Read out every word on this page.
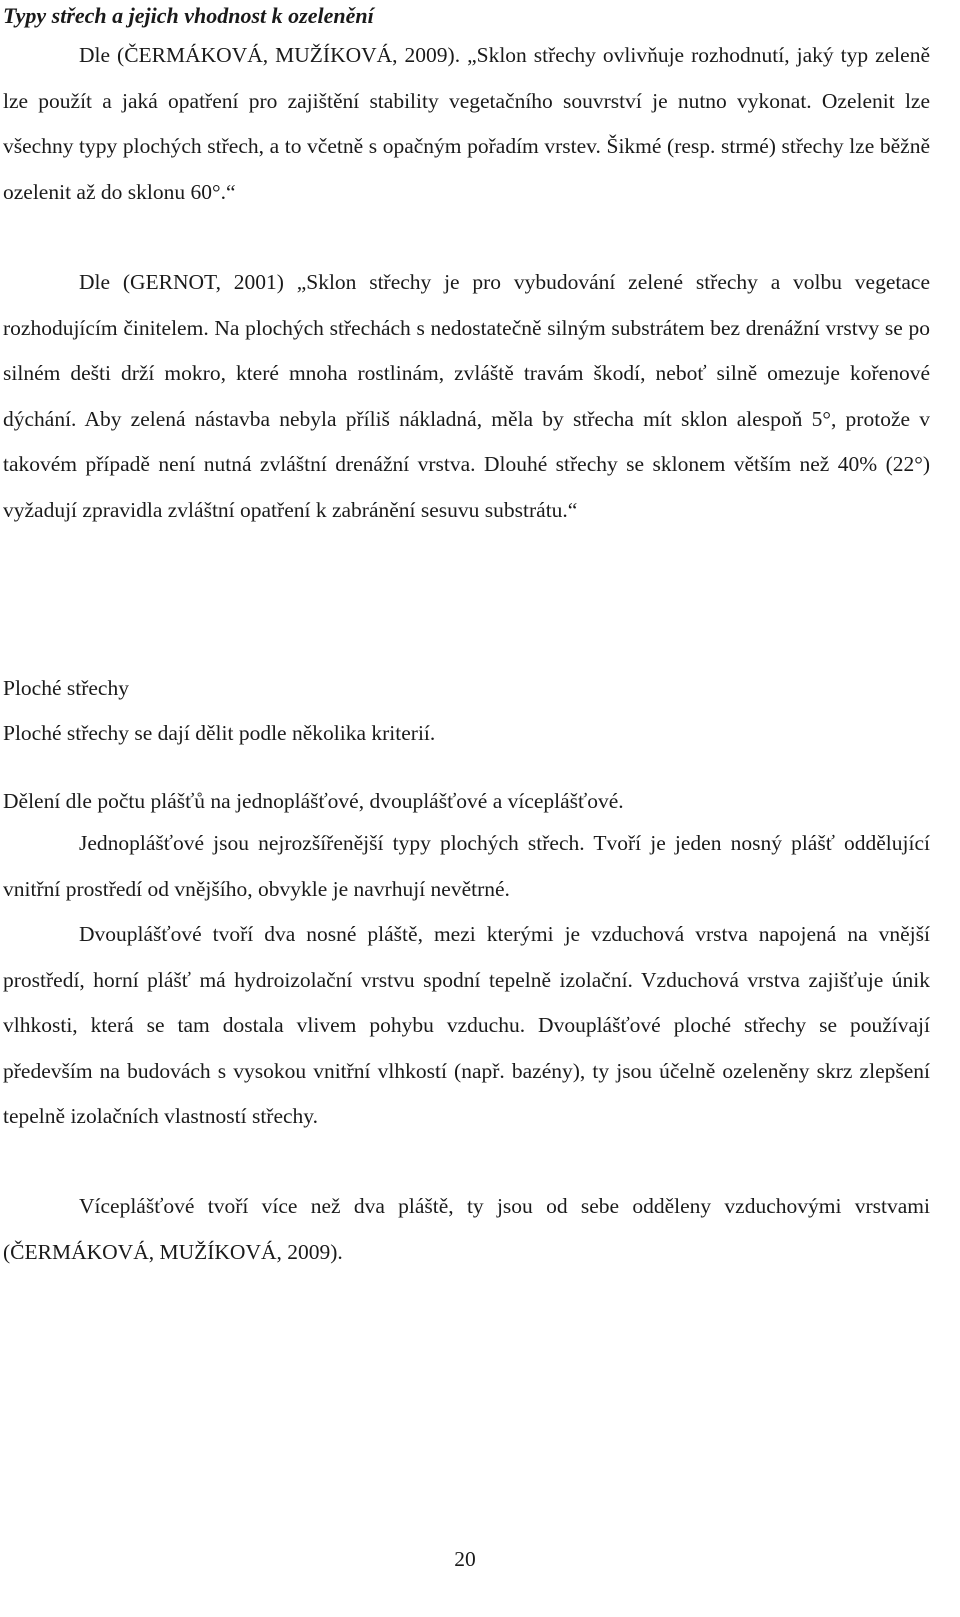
Typy střech a jejich vhodnost k ozelenění

Dle (ČERMÁKOVÁ, MUŽÍKOVÁ, 2009). „Sklon střechy ovlivňuje rozhodnutí, jaký typ zeleně lze použít a jaká opatření pro zajištění stability vegetačního souvrství je nutno vykonat. Ozelenit lze všechny typy plochých střech, a to včetně s opačným pořadím vrstev. Šikmé (resp. strmé) střechy lze běžně ozelenit až do sklonu 60°.“

Dle (GERNOT, 2001) „Sklon střechy je pro vybudování zelené střechy a volbu vegetace rozhodujícím činitelem. Na plochých střechách s nedostatečně silným substrátem bez drenážní vrstvy se po silném dešti drží mokro, které mnoha rostlinám, zvláště travám škodí, neboť silně omezuje kořenové dýchání. Aby zelená nástavba nebyla příliš nákladná, měla by střecha mít sklon alespoň 5°, protože v takovém případě není nutná zvláštní drenážní vrstva. Dlouhé střechy se sklonem větším než 40% (22°) vyžadují zpravidla zvláštní opatření k zabránění sesuvu substrátu.“

Ploché střechy
Ploché střechy se dají dělit podle několika kriterií.
Dělení dle počtu plášťů na jednoplášťové, dvouplášťové a víceplášťové.

Jednoplášťové jsou nejrozšířenější typy plochých střech. Tvoří je jeden nosný plášť oddělující vnitřní prostředí od vnějšího, obvykle je navrhují nevětrné.

Dvouplášťové tvoří dva nosné pláště, mezi kterými je vzduchová vrstva napojená na vnější prostředí, horní plášť má hydroizolační vrstvu spodní tepelně izolační. Vzduchová vrstva zajišťuje únik vlhkosti, která se tam dostala vlivem pohybu vzduchu. Dvouplášťové ploché střechy se používají především na budovách s vysokou vnitřní vlhkostí (např. bazény), ty jsou účelně ozeleněny skrz zlepšení tepelně izolačních vlastností střechy.

Víceplášťové tvoří více než dva pláště, ty jsou od sebe odděleny vzduchovými vrstvami (ČERMÁKOVÁ, MUŽÍKOVÁ, 2009).

20
